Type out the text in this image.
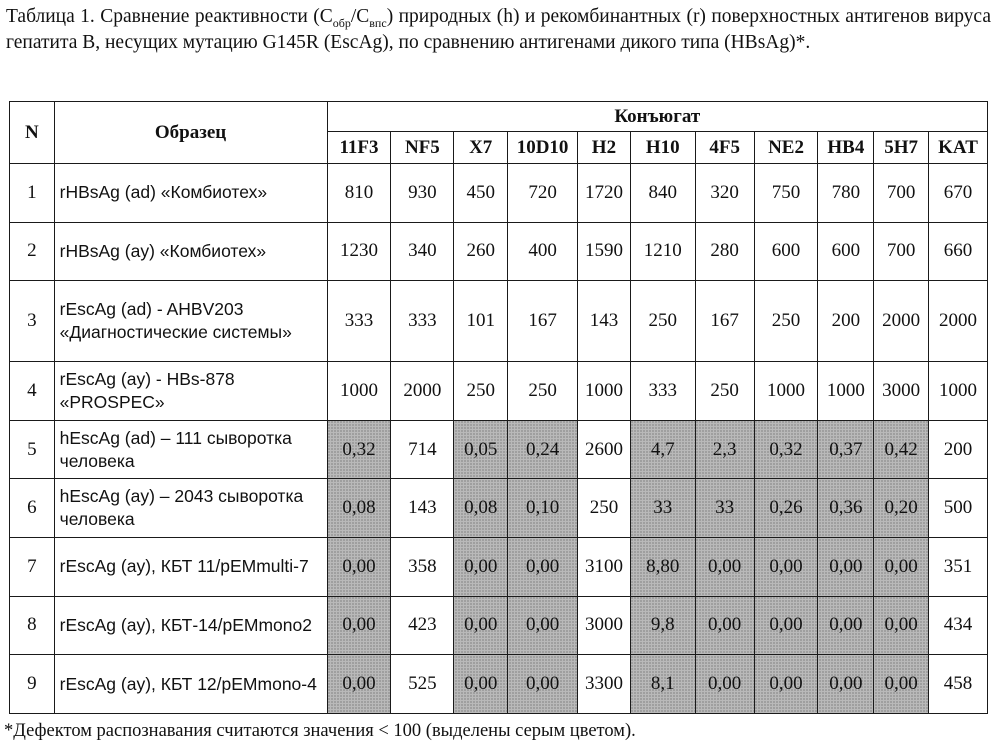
Таблица 1. Сравнение реактивности $(С_{обр}/С_{впс})$ природных (h) и рекомбинантных (r) поверхностных антигенов вируса гепатита В, несущих мутацию G145R (EscAg), по сравнению антигенами дикого типа (HBsAg)*.
N	Образец	Конъюгат										
		11F3	NF5	X7	10D10	H2	H10	4F5	NE2	HB4	5H7	KAT
1	rHBsAg (ad) «Комбиотех»	810	930	450	720	1720	840	320	750	780	700	670
2	rHBsAg (ay) «Комбиотех»	1230	340	260	400	1590	1210	280	600	600	700	660
3	rEscAg (ad) - AHBV203 «Диагностические системы»	333	333	101	167	143	250	167	250	200	2000	2000
4	rEscAg (ay) - HBs-878 «PROSPEC»	1000	2000	250	250	1000	333	250	1000	1000	3000	1000
5	hEscAg (ad) – 111 сыворотка человека	0,32	714	0,05	0,24	2600	4,7	2,3	0,32	0,37	0,42	200
6	hEscAg (ay) – 2043 сыворотка человека	0,08	143	0,08	0,10	250	33	33	0,26	0,36	0,20	500
7	rEscAg (ay), КБТ 11/pEMmulti-7	0,00	358	0,00	0,00	3100	8,80	0,00	0,00	0,00	0,00	351
8	rEscAg (ay), КБТ-14/pEMmono2	0,00	423	0,00	0,00	3000	9,8	0,00	0,00	0,00	0,00	434
9	rEscAg (ay), КБТ 12/pEMmono-4	0,00	525	0,00	0,00	3300	8,1	0,00	0,00	0,00	0,00	458
*Дефектом распознавания считаются значения < 100 (выделены серым цветом).
